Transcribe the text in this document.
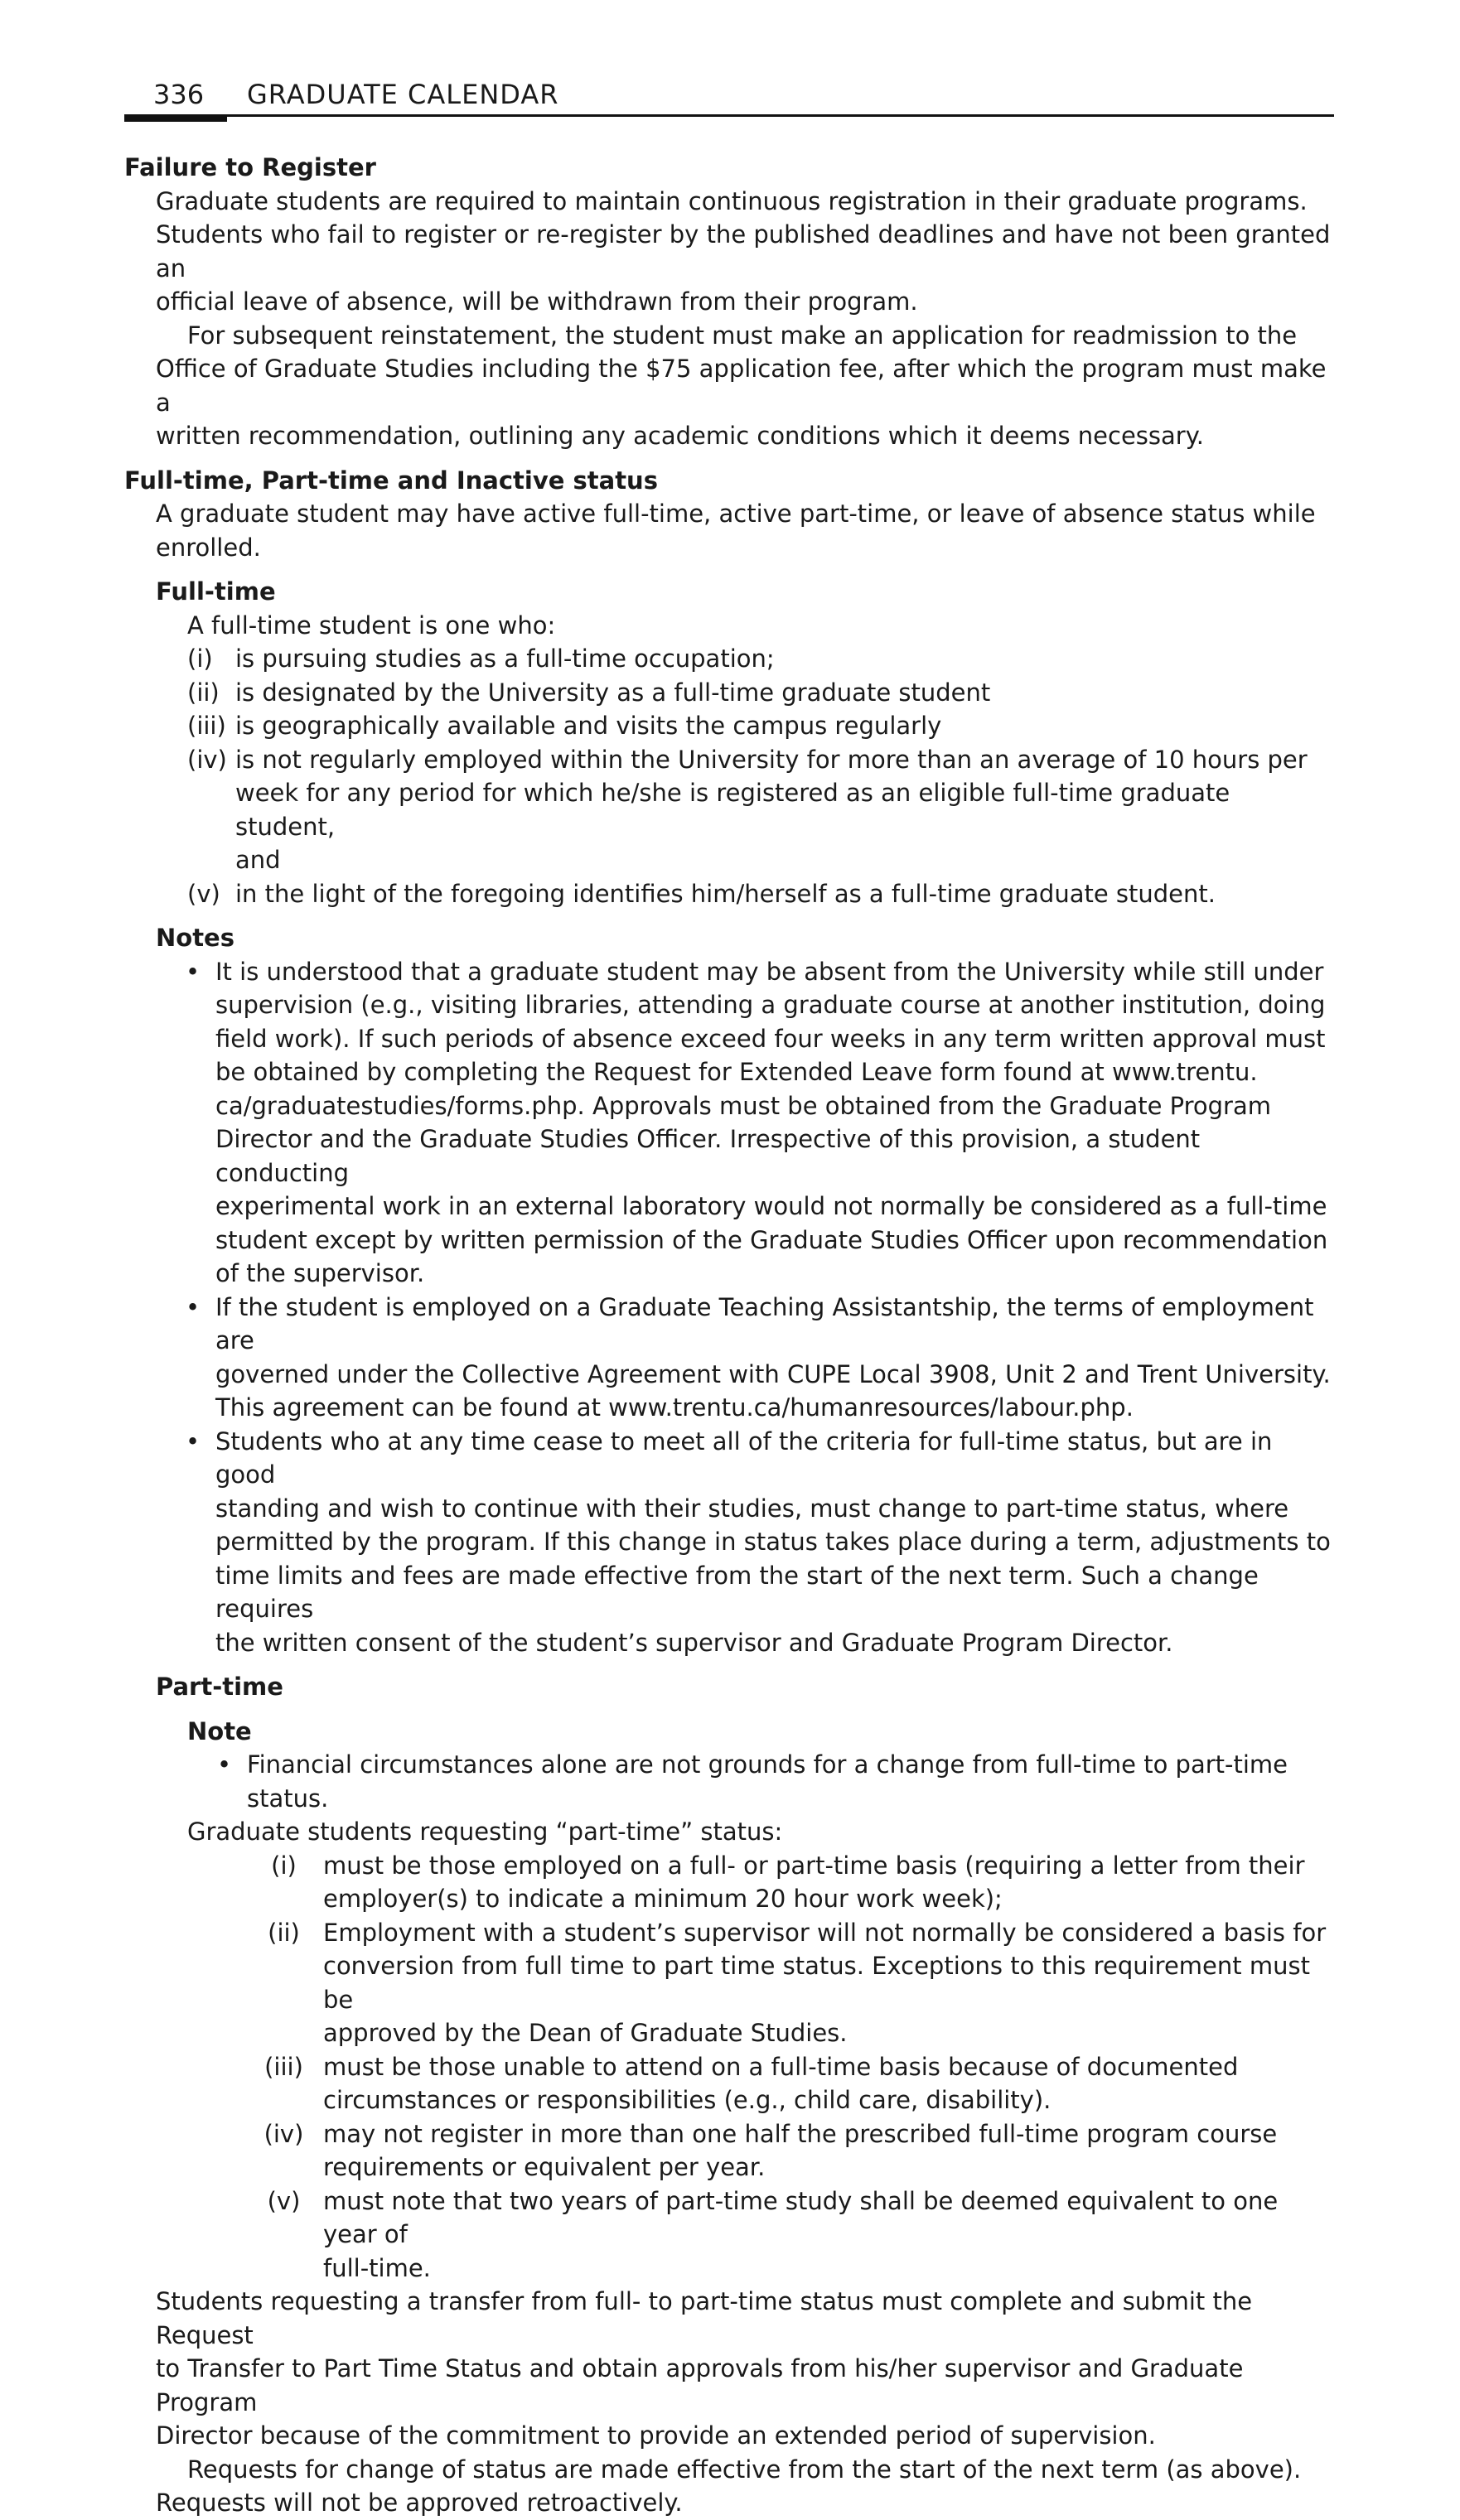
336 GRADUATE CALENDAR

Failure to Register

Graduate students are required to maintain continuous registration in their graduate programs.

Students who fail to register or re-register by the published deadlines and have not been granted an

official leave of absence, will be withdrawn from their program.

For subsequent reinstatement, the student must make an application for readmission to the

Office of Graduate Studies including the $75 application fee, after which the program must make a

written recommendation, outlining any academic conditions which it deems necessary.

Full-time, Part-time and Inactive status

A graduate student may have active full-time, active part-time, or leave of absence status while

enrolled.

Full-time

A full-time student is one who:

(i) is pursuing studies as a full-time occupation;

(ii) is designated by the University as a full-time graduate student

(iii) is geographically available and visits the campus regularly

(iv) is not regularly employed within the University for more than an average of 10 hours per

week for any period for which he/she is registered as an eligible full-time graduate student,

and

(v) in the light of the foregoing identifies him/herself as a full-time graduate student.

Notes

• It is understood that a graduate student may be absent from the University while still under

supervision (e.g., visiting libraries, attending a graduate course at another institution, doing

field work). If such periods of absence exceed four weeks in any term written approval must

be obtained by completing the Request for Extended Leave form found at www.trentu.

ca/graduatestudies/forms.php. Approvals must be obtained from the Graduate Program

Director and the Graduate Studies Officer. Irrespective of this provision, a student conducting

experimental work in an external laboratory would not normally be considered as a full-time

student except by written permission of the Graduate Studies Officer upon recommendation

of the supervisor.

• If the student is employed on a Graduate Teaching Assistantship, the terms of employment are

governed under the Collective Agreement with CUPE Local 3908, Unit 2 and Trent University.

This agreement can be found at www.trentu.ca/humanresources/labour.php.

• Students who at any time cease to meet all of the criteria for full-time status, but are in good

standing and wish to continue with their studies, must change to part-time status, where

permitted by the program. If this change in status takes place during a term, adjustments to

time limits and fees are made effective from the start of the next term. Such a change requires

the written consent of the student’s supervisor and Graduate Program Director.

Part-time

Note

• Financial circumstances alone are not grounds for a change from full-time to part-time

status.

Graduate students requesting “part-time” status:

(i)	must be those employed on a full- or part-time basis (requiring a letter from their

employer(s) to indicate a minimum 20 hour work week);

(ii) Employment with a student’s supervisor will not normally be considered a basis for

conversion from full time to part time status. Exceptions to this requirement must be

approved by the Dean of Graduate Studies.

(iii) must be those unable to attend on a full-time basis because of documented

circumstances or responsibilities (e.g., child care, disability).

(iv) may not register in more than one half the prescribed full-time program course

requirements or equivalent per year.

(v) must note that two years of part-time study shall be deemed equivalent to one year of

full-time.

Students requesting a transfer from full- to part-time status must complete and submit the Request

to Transfer to Part Time Status and obtain approvals from his/her supervisor and Graduate Program

Director because of the commitment to provide an extended period of supervision.

Requests for change of status are made effective from the start of the next term (as above).

Requests will not be approved retroactively.
